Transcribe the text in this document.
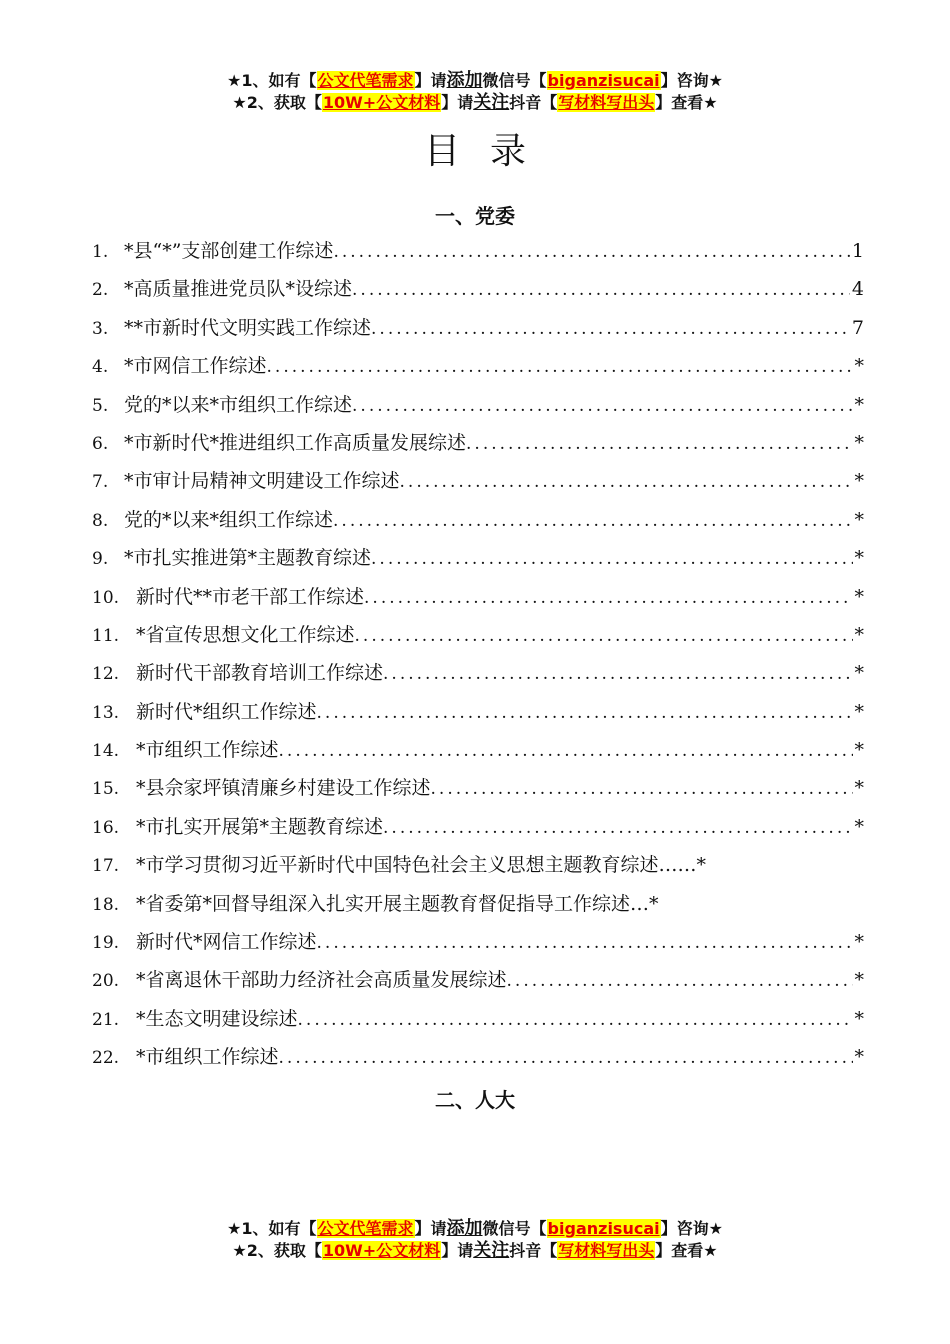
★1、如有【公文代笔需求】请添加微信号【biganzisucai】咨询★
★2、获取【10W+公文材料】请关注抖音【写材料写出头】查看★
目录
一、党委
1. *县“*”支部创建工作综述 .....	1
2. *高质量推进党员队*设综述 .....	4
3. **市新时代文明实践工作综述 .....	7
4. *市网信工作综述 .....	*
5. 党的*以来*市组织工作综述 .....	*
6. *市新时代*推进组织工作高质量发展综述 .....	*
7. *市审计局精神文明建设工作综述 .....	*
8. 党的*以来*组织工作综述 .....	*
9. *市扎实推进第*主题教育综述 .....	*
10. 新时代**市老干部工作综述 .....	*
11. *省宣传思想文化工作综述 .....	*
12. 新时代干部教育培训工作综述 .....	*
13. 新时代*组织工作综述 .....	*
14. *市组织工作综述 .....	*
15. *县佘家坪镇清廉乡村建设工作综述 .....	*
16. *市扎实开展第*主题教育综述 .....	*
17. *市学习贯彻习近平新时代中国特色社会主义思想主题教育综述……*
18. *省委第*回督导组深入扎实开展主题教育督促指导工作综述…*
19. 新时代*网信工作综述 .....	*
20. *省离退休干部助力经济社会高质量发展综述 .....	*
21. *生态文明建设综述 .....	*
22. *市组织工作综述 .....	*
二、人大
★1、如有【公文代笔需求】请添加微信号【biganzisucai】咨询★
★2、获取【10W+公文材料】请关注抖音【写材料写出头】查看★
